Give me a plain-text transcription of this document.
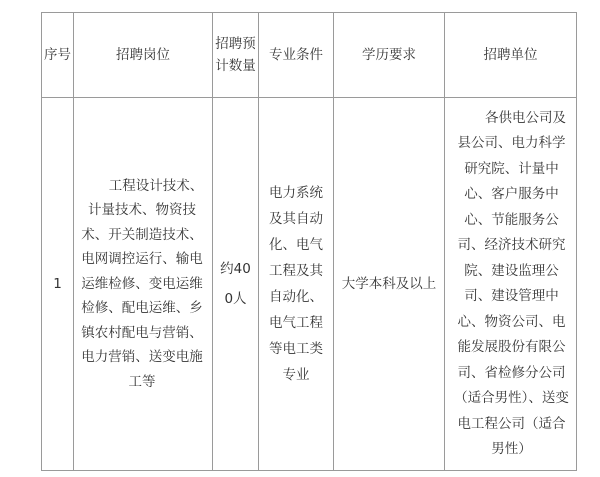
序号	招聘岗位	招聘预计数量	专业条件	学历要求	招聘单位
1	工程设计技术、计量技术、物资技术、开关制造技术、电网调控运行、输电运维检修、变电运维检修、配电运维、乡镇农村配电与营销、电力营销、送变电施工等	约400人	电力系统及其自动化、电气工程及其自动化、电气工程等电工类专业	大学本科及以上	各供电公司及县公司、电力科学研究院、计量中心、客户服务中心、节能服务公司、经济技术研究院、建设监理公司、建设管理中心、物资公司、电能发展股份有限公司、省检修分公司（适合男性）、送变电工程公司（适合男性）
